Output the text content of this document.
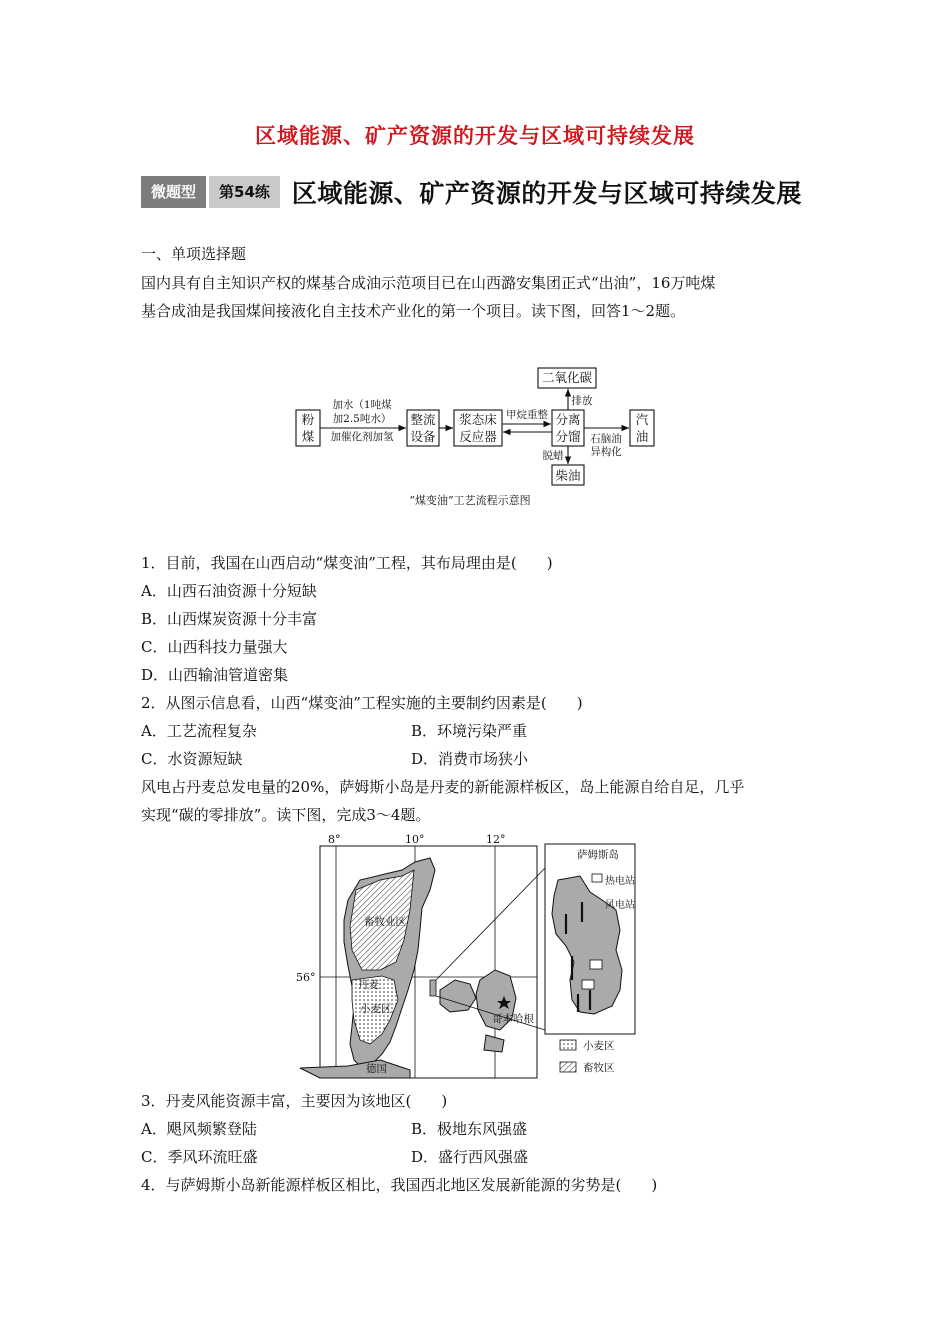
区域能源、矿产资源的开发与区域可持续发展
微题型	第54练 区域能源、矿产资源的开发与区域可持续发展
一、单项选择题
国内具有自主知识产权的煤基合成油示范项目已在山西潞安集团正式“出油”，16万吨煤
基合成油是我国煤间接液化自主技术产业化的第一个项目。读下图，回答1～2题。
粉
煤
整流
设备
浆态床
反应器
分离
分馏
二氧化碳
汽
油
柴油
加水（1吨煤
加2.5吨水）
加催化剂加氢
甲烷重整
排放
石脑油
异构化
脱蜡
“煤变油”工艺流程示意图
1．目前，我国在山西启动“煤变油”工程，其布局理由是(　　)
A．山西石油资源十分短缺
B．山西煤炭资源十分丰富
C．山西科技力量强大
D．山西输油管道密集
2．从图示信息看，山西“煤变油”工程实施的主要制约因素是(　　)
A．工艺流程复杂	B．环境污染严重
C．水资源短缺	D．消费市场狭小
风电占丹麦总发电量的20%，萨姆斯小岛是丹麦的新能源样板区，岛上能源自给自足，几乎
实现“碳的零排放”。读下图，完成3～4题。
8°	10°	12°
56°
畜牧业区
丹麦
小麦区
德国
哥本哈根
萨姆斯岛
热电站
风电站
小麦区
畜牧区
3．丹麦风能资源丰富，主要因为该地区(　　)
A．飓风频繁登陆	B．极地东风强盛
C．季风环流旺盛	D．盛行西风强盛
4．与萨姆斯小岛新能源样板区相比，我国西北地区发展新能源的劣势是(　　)
